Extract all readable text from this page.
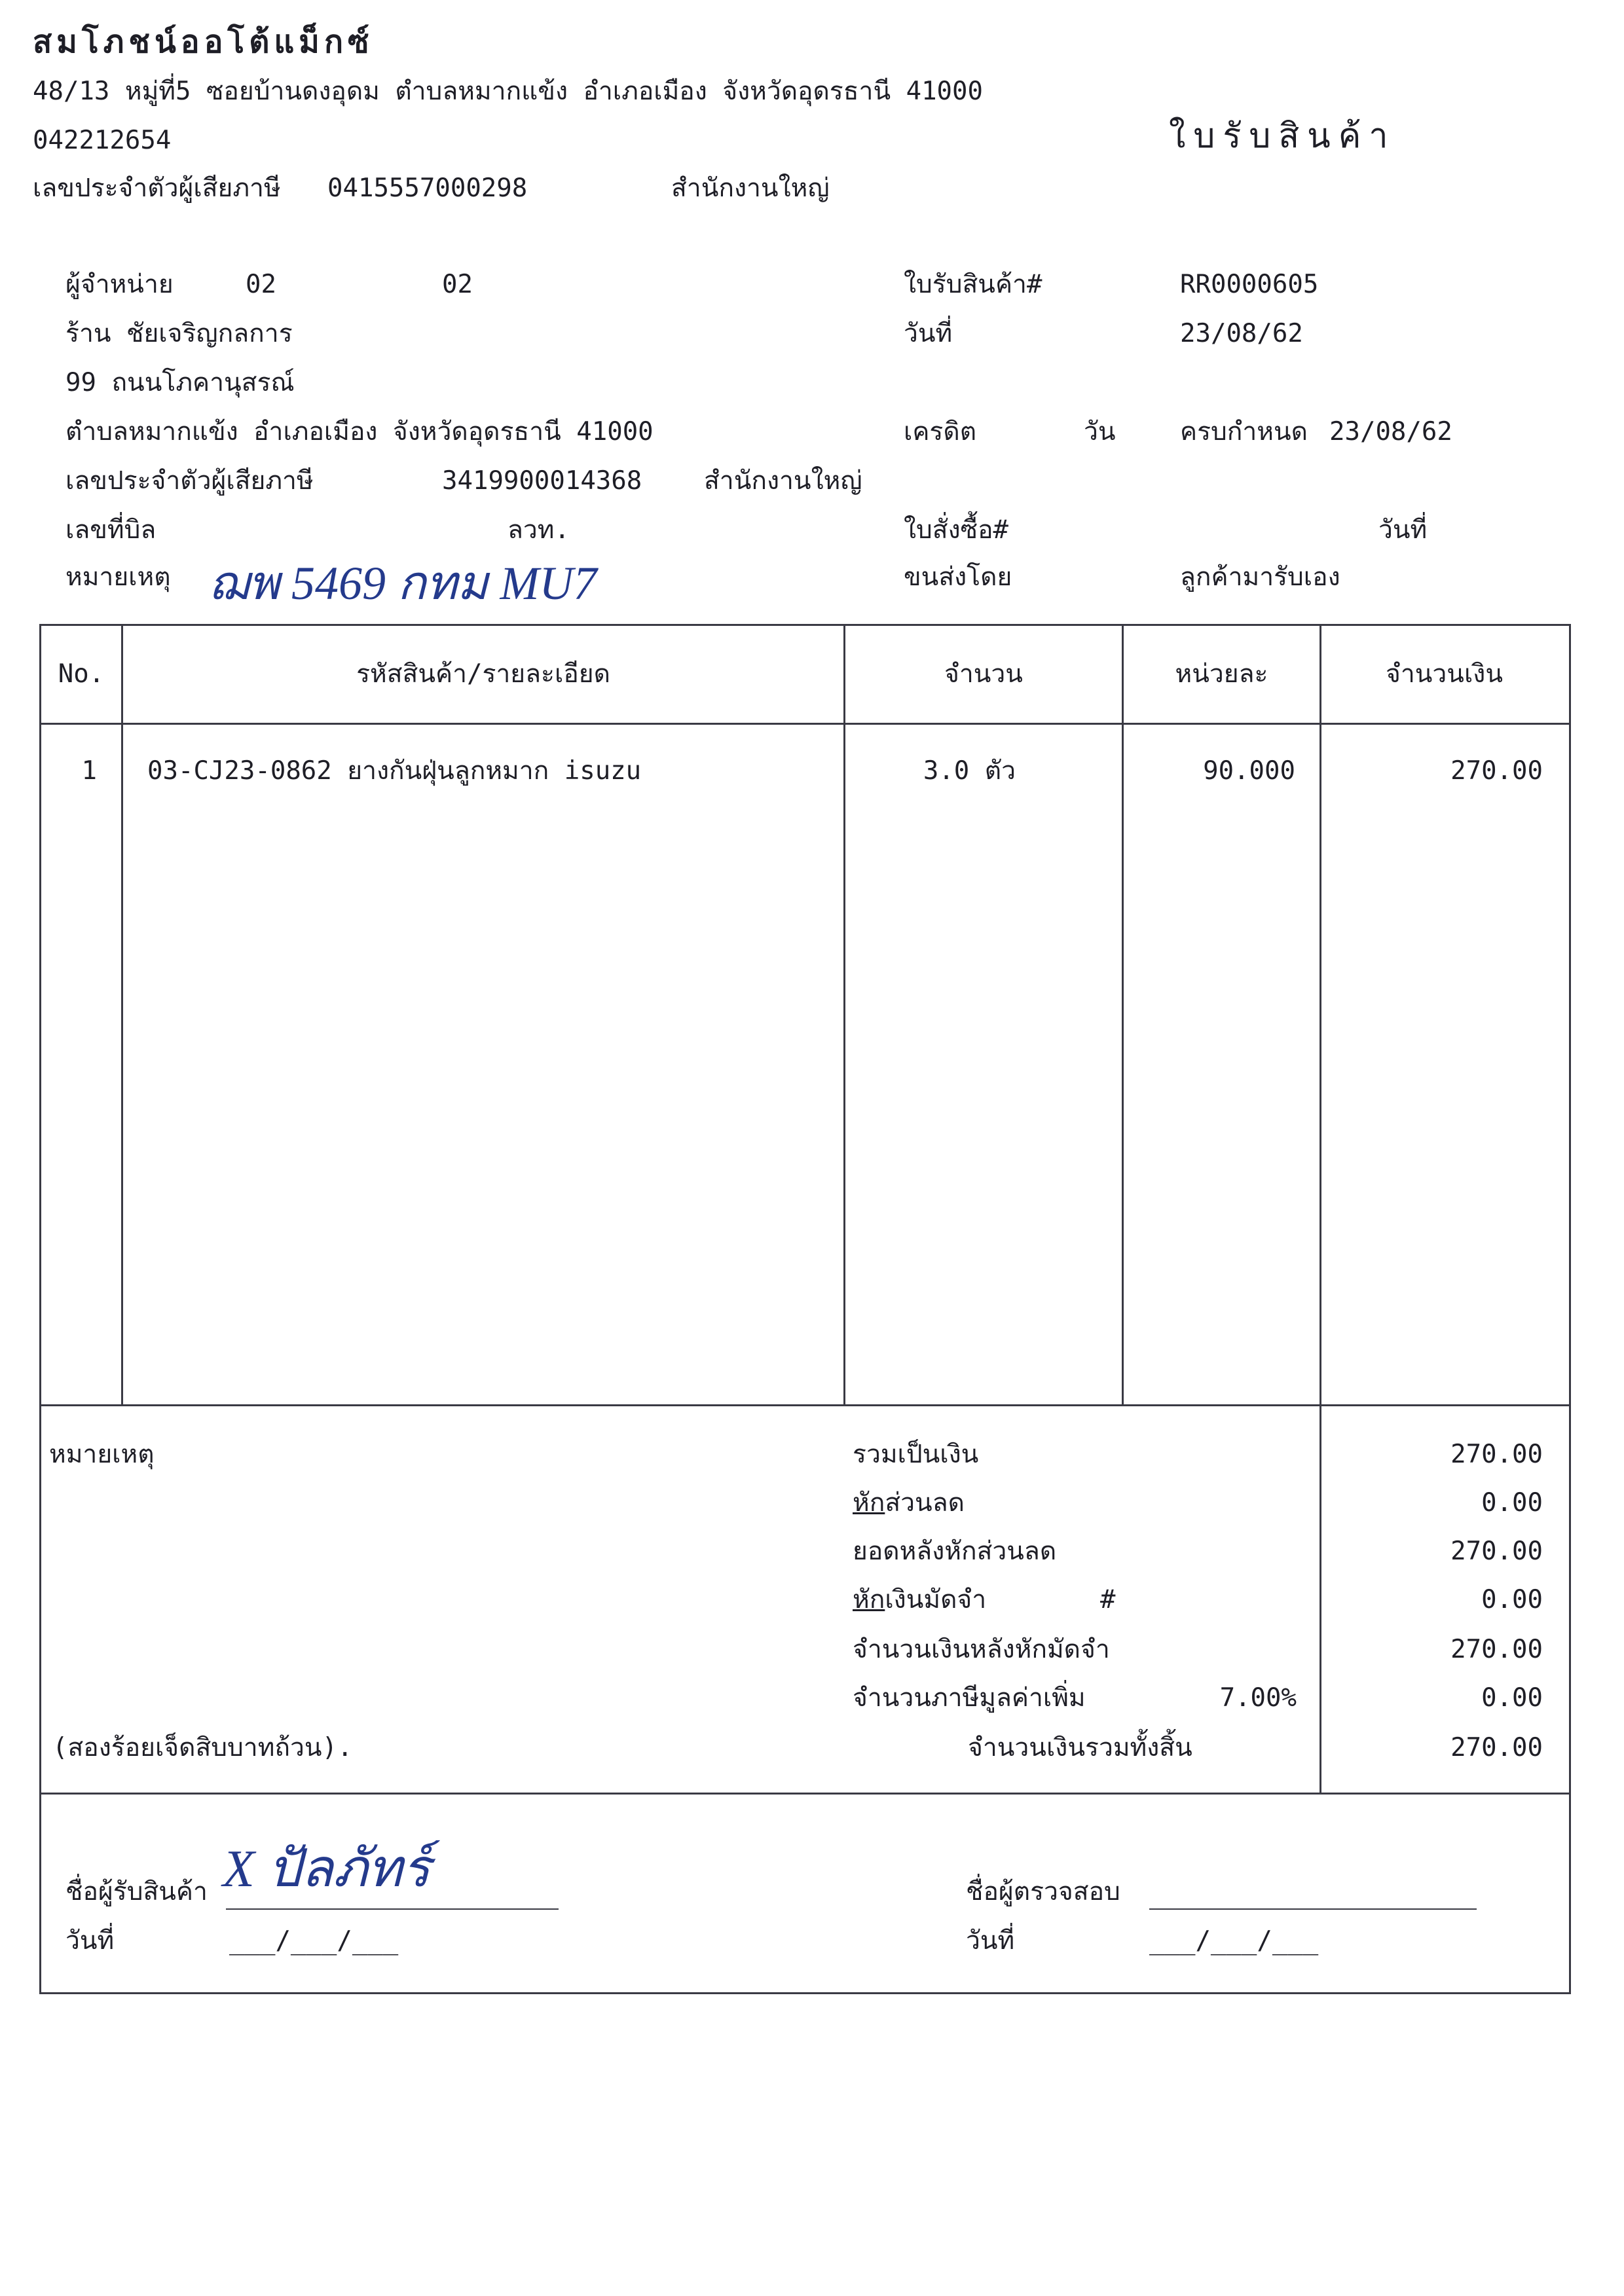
สมโภชน์ออโต้แม็กซ์
48/13 หมู่ที่5 ซอยบ้านดงอุดม ตำบลหมากแข้ง อำเภอเมือง จังหวัดอุดรธานี 41000
042212654
เลขประจำตัวผู้เสียภาษี 0415557000298	สำนักงานใหญ่
ใบรับสินค้า
ผู้จำหน่าย	02	02
ร้าน ชัยเจริญกลการ
99 ถนนโภคานุสรณ์
ตำบลหมากแข้ง อำเภอเมือง จังหวัดอุดรธานี 41000
เลขประจำตัวผู้เสียภาษี	3419900014368 สำนักงานใหญ่
เลขที่บิล	ลวท.
หมายเหตุ ฌพ 5469 กทม MU7
ใบรับสินค้า#	RR0000605
วันที่	23/08/62
เครดิต	วัน	ครบกำหนด 23/08/62
ใบสั่งซื้อ#	วันที่
ขนส่งโดย	ลูกค้ามารับเอง
No.	รหัสสินค้า/รายละเอียด	จำนวน	หน่วยละ	จำนวนเงิน
1 03-CJ23-0862 ยางกันฝุ่นลูกหมาก isuzu	3.0 ตัว	90.000	270.00
หมายเหตุ
(สองร้อยเจ็ดสิบบาทถ้วน).
รวมเป็นเงิน	270.00
หักส่วนลด	0.00
ยอดหลังหักส่วนลด	270.00
หักเงินมัดจำ	#	0.00
จำนวนเงินหลังหักมัดจำ	270.00
จำนวนภาษีมูลค่าเพิ่ม	7.00%	0.00
จำนวนเงินรวมทั้งสิ้น	270.00
ชื่อผู้รับสินค้า X ปัลภัทร์
วันที่	___/___/___
ชื่อผู้ตรวจสอบ
วันที่	___/___/___
